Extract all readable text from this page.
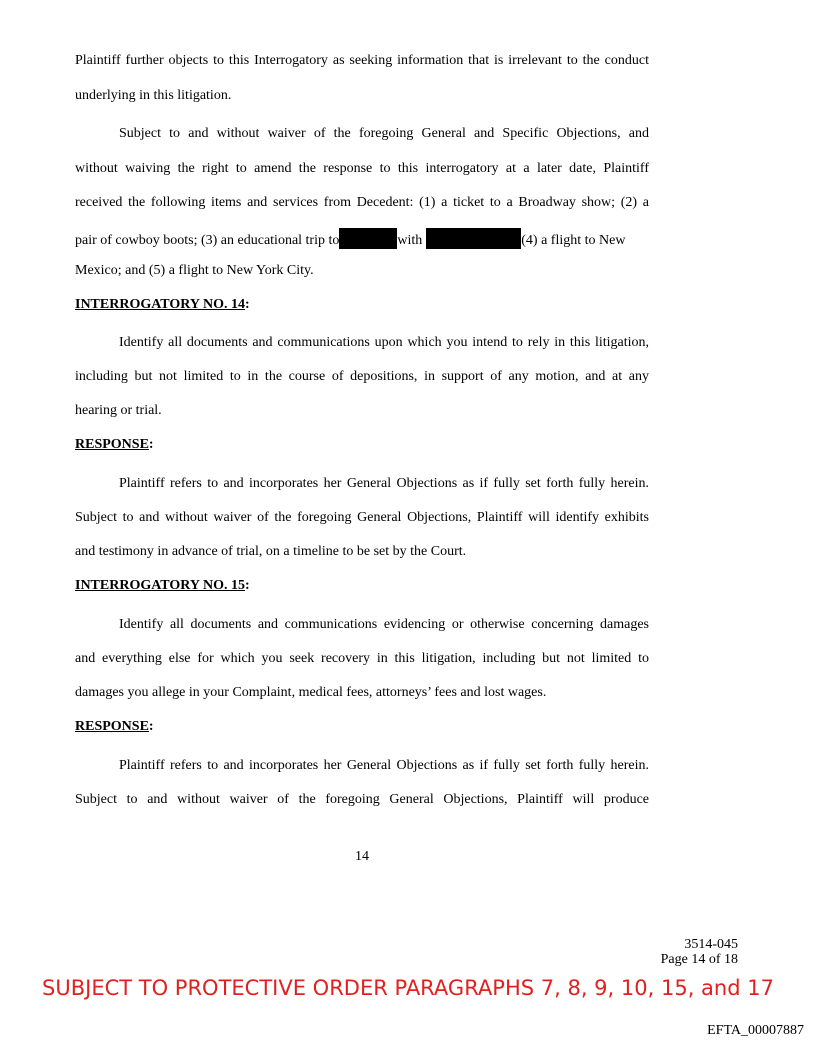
Plaintiff further objects to this Interrogatory as seeking information that is irrelevant to the conduct
underlying in this litigation.
Subject to and without waiver of the foregoing General and Specific Objections, and
without waiving the right to amend the response to this interrogatory at a later date, Plaintiff
received the following items and services from Decedent: (1) a ticket to a Broadway show; (2) a
pair of cowboy boots; (3) an educational trip to	with	(4) a flight to New
Mexico; and (5) a flight to New York City.
INTERROGATORY NO. 14:
Identify all documents and communications upon which you intend to rely in this litigation,
including but not limited to in the course of depositions, in support of any motion, and at any
hearing or trial.
RESPONSE:
Plaintiff refers to and incorporates her General Objections as if fully set forth fully herein.
Subject to and without waiver of the foregoing General Objections, Plaintiff will identify exhibits
and testimony in advance of trial, on a timeline to be set by the Court.
INTERROGATORY NO. 15:
Identify all documents and communications evidencing or otherwise concerning damages
and everything else for which you seek recovery in this litigation, including but not limited to
damages you allege in your Complaint, medical fees, attorneys’ fees and lost wages.
RESPONSE:
Plaintiff refers to and incorporates her General Objections as if fully set forth fully herein.
Subject to and without waiver of the foregoing General Objections, Plaintiff will produce
14
3514-045
Page 14 of 18
SUBJECT TO PROTECTIVE ORDER PARAGRAPHS 7, 8, 9, 10, 15, and 17
EFTA_00007887
